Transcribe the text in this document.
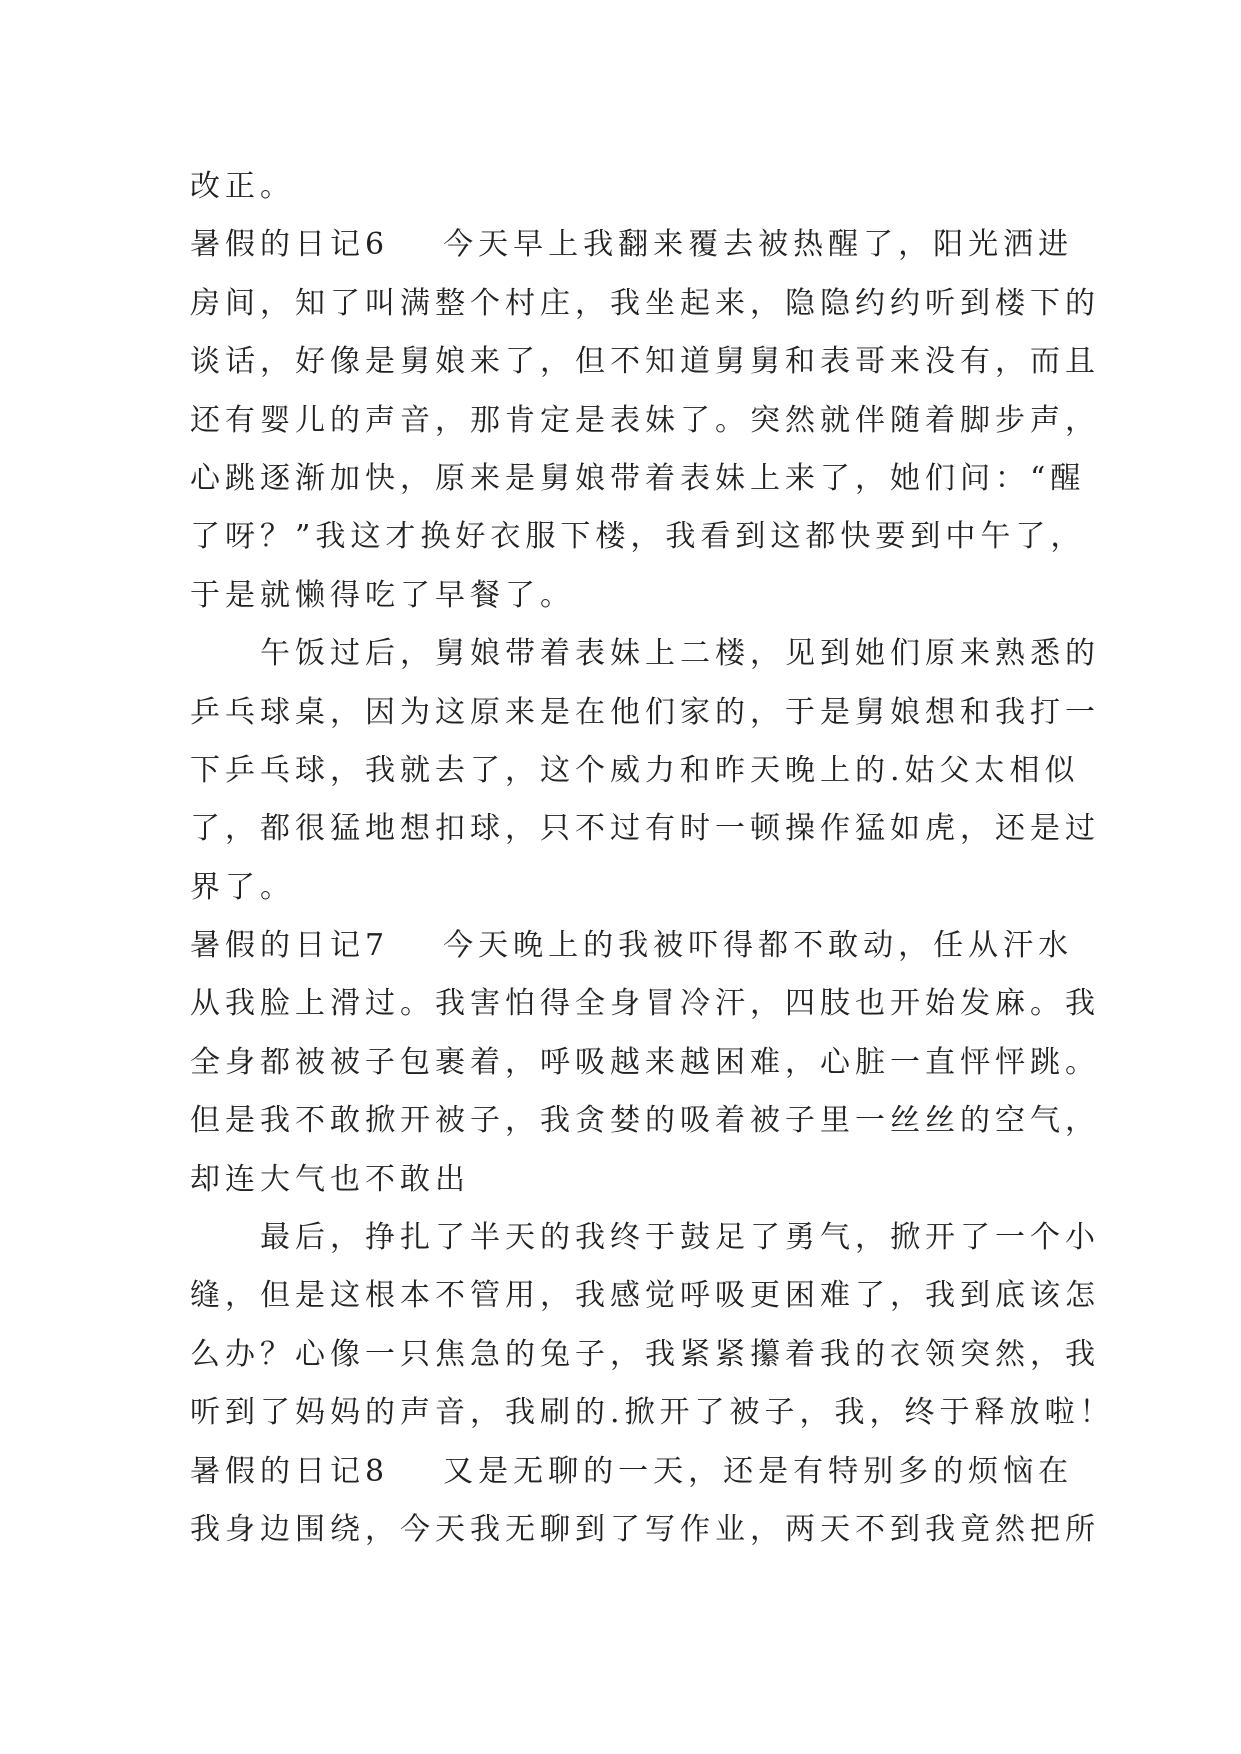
改正。
暑假的日记6 今天早上我翻来覆去被热醒了，阳光洒进
房间，知了叫满整个村庄，我坐起来，隐隐约约听到楼下的
谈话，好像是舅娘来了，但不知道舅舅和表哥来没有，而且
还有婴儿的声音，那肯定是表妹了。突然就伴随着脚步声，
心跳逐渐加快，原来是舅娘带着表妹上来了，她们问：“醒
了呀？”我这才换好衣服下楼，我看到这都快要到中午了，
于是就懒得吃了早餐了。
午饭过后，舅娘带着表妹上二楼，见到她们原来熟悉的
乒乓球桌，因为这原来是在他们家的，于是舅娘想和我打一
下乒乓球，我就去了，这个威力和昨天晚上的.姑父太相似
了，都很猛地想扣球，只不过有时一顿操作猛如虎，还是过
界了。
暑假的日记7 今天晚上的我被吓得都不敢动，任从汗水
从我脸上滑过。我害怕得全身冒冷汗，四肢也开始发麻。我
全身都被被子包裹着，呼吸越来越困难，心脏一直怦怦跳。
但是我不敢掀开被子，我贪婪的吸着被子里一丝丝的空气，
却连大气也不敢出
最后，挣扎了半天的我终于鼓足了勇气，掀开了一个小
缝，但是这根本不管用，我感觉呼吸更困难了，我到底该怎
么办？心像一只焦急的兔子，我紧紧攥着我的衣领突然，我
听到了妈妈的声音，我刷的.掀开了被子，我，终于释放啦！
暑假的日记8 又是无聊的一天，还是有特别多的烦恼在
我身边围绕，今天我无聊到了写作业，两天不到我竟然把所
